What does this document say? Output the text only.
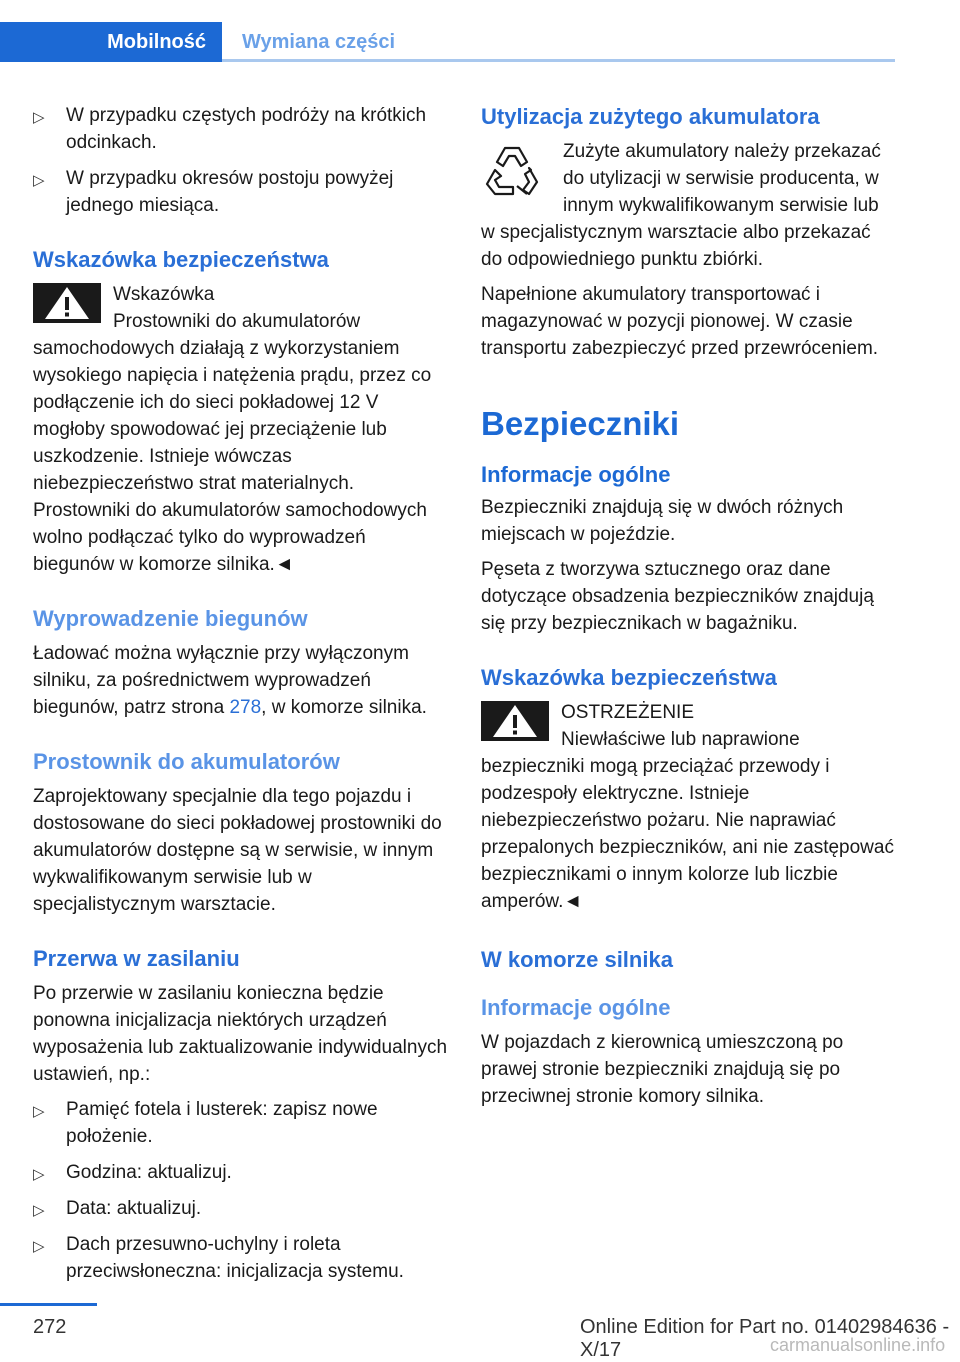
Mobilność	Wymiana części
▷ W przypadku częstych podróży na krótkich odcinkach.
▷ W przypadku okresów postoju powyżej jednego miesiąca.
Wskazówka bezpieczeństwa
Wskazówka
Prostowniki do akumulatorów samochodowych działają z wykorzystaniem wysokiego napięcia i natężenia prądu, przez co podłączenie ich do sieci pokładowej 12 V mogłoby spowodować jej przeciążenie lub uszkodzenie. Istnieje wówczas niebezpieczeństwo strat materialnych. Prostowniki do akumulatorów samochodowych wolno podłączać tylko do wyprowadzeń biegunów w komorze silnika.◄
Wyprowadzenie biegunów

Ładować można wyłącznie przy wyłączonym silniku, za pośrednictwem wyprowadzeń biegunów, patrz strona 278, w komorze silnika.

Prostownik do akumulatorów

Zaprojektowany specjalnie dla tego pojazdu i dostosowane do sieci pokładowej prostowniki do akumulatorów dostępne są w serwisie, w innym wykwalifikowanym serwisie lub w specjalistycznym warsztacie.

Przerwa w zasilaniu

Po przerwie w zasilaniu konieczna będzie ponowna inicjalizacja niektórych urządzeń wyposażenia lub zaktualizowanie indywidualnych ustawień, np.:

▷ Pamięć fotela i lusterek: zapisz nowe położenie.
▷ Godzina: aktualizuj.
▷ Data: aktualizuj.
▷ Dach przesuwno-uchylny i roleta przeciwsłoneczna: inicjalizacja systemu.
Utylizacja zużytego akumulatora

Zużyte akumulatory należy przekazać do utylizacji w serwisie producenta, w innym wykwalifikowanym serwisie lub w specjalistycznym warsztacie albo przekazać do odpowiedniego punktu zbiórki.

Napełnione akumulatory transportować i magazynować w pozycji pionowej. W czasie transportu zabezpieczyć przed przewróceniem.

Bezpieczniki
Informacje ogólne

Bezpieczniki znajdują się w dwóch różnych miejscach w pojeździe.

Pęseta z tworzywa sztucznego oraz dane dotyczące obsadzenia bezpieczników znajdują się przy bezpiecznikach w bagażniku.

Wskazówka bezpieczeństwa
OSTRZEŻENIE
Niewłaściwe lub naprawione bezpieczniki mogą przeciążać przewody i podzespoły elektryczne. Istnieje niebezpieczeństwo pożaru. Nie naprawiać przepalonych bezpieczników, ani nie zastępować bezpiecznikami o innym kolorze lub liczbie amperów.◄
W komorze silnika
Informacje ogólne

W pojazdach z kierownicą umieszczoną po prawej stronie bezpieczniki znajdują się po przeciwnej stronie komory silnika.

272	Online Edition for Part no. 01402984636 - X/17	carmanualsonline.info
